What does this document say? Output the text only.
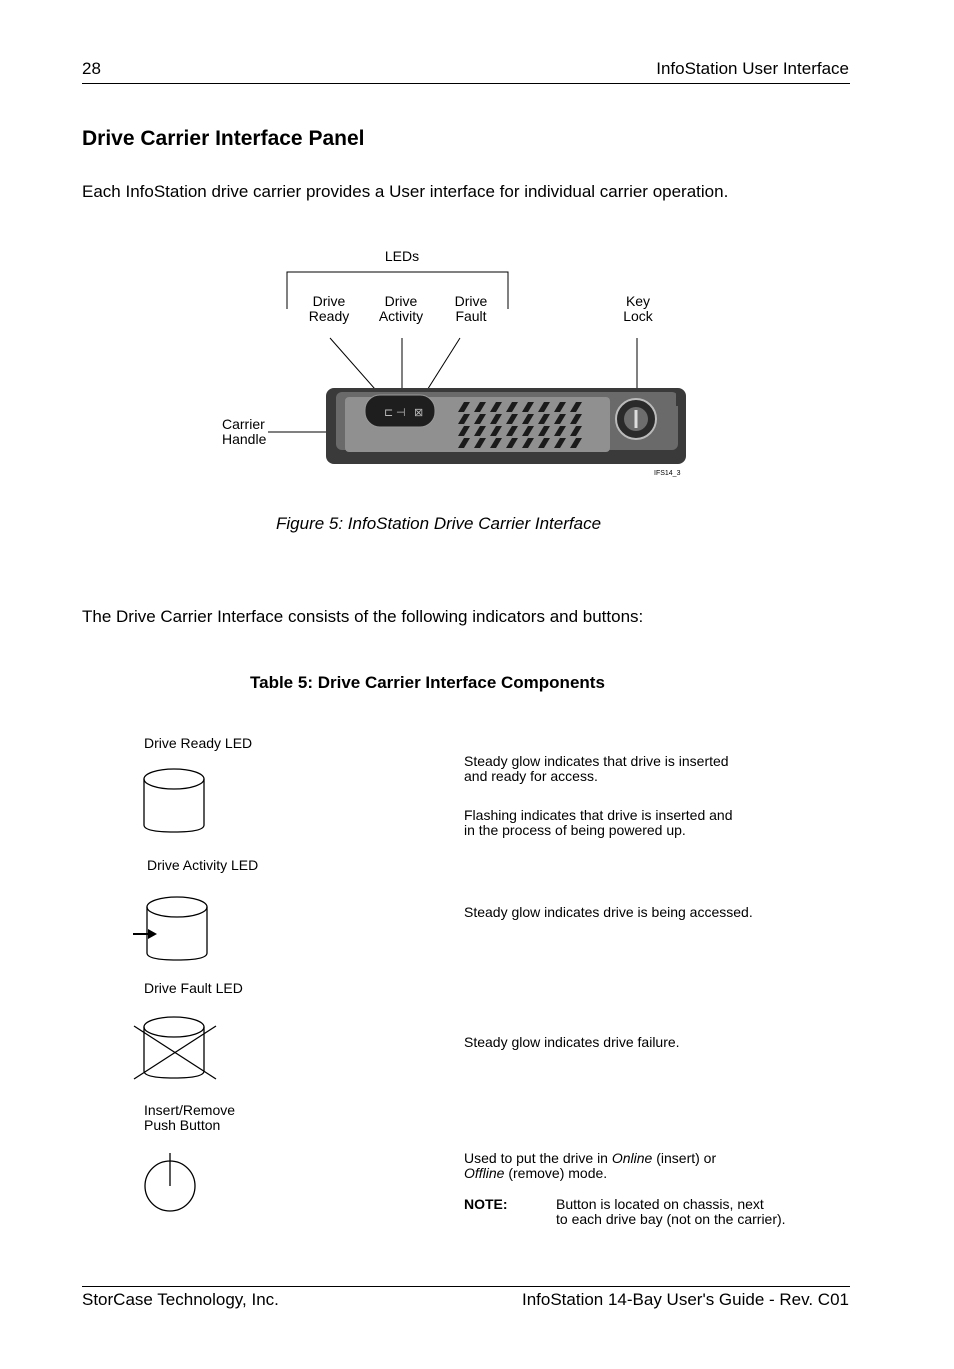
28	InfoStation User Interface
Drive Carrier Interface Panel
Each InfoStation drive carrier provides a User interface for individual carrier operation.
LEDs
⊏ ⊣ ⊠
Drive
Ready
Drive
Activity
Drive
Fault
Key
Lock
Carrier
Handle
IFS14_3
Figure 5: InfoStation Drive Carrier Interface
The Drive Carrier Interface consists of the following indicators and buttons:
Table 5: Drive Carrier Interface Components
Drive Ready LED
Steady glow indicates that drive is inserted
and ready for access.
Flashing indicates that drive is inserted and
in the process of being powered up.
Drive Activity LED
Steady glow indicates drive is being accessed.
Drive Fault LED
Steady glow indicates drive failure.
Insert/Remove
Push Button
Used to put the drive in Online (insert) or
Offline (remove) mode.
NOTE:	Button is located on chassis, next
to each drive bay (not on the carrier).
StorCase Technology, Inc.	InfoStation 14-Bay User's Guide - Rev. C01
